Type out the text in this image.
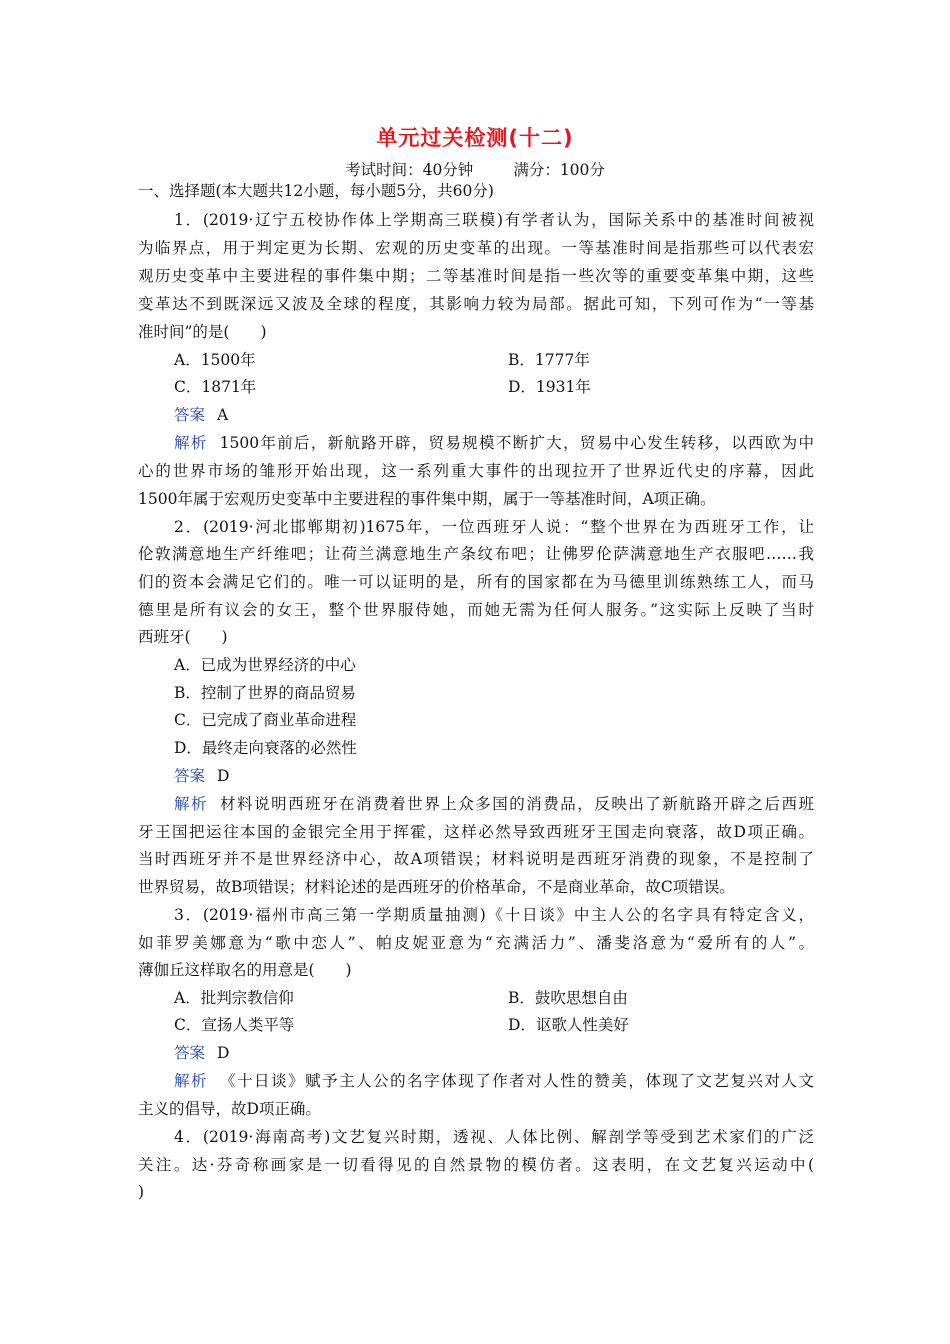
单元过关检测(十二)
考试时间：40分钟	满分：100分
一、选择题(本大题共12小题，每小题5分，共60分)
1．(2019·辽宁五校协作体上学期高三联模)有学者认为，国际关系中的基准时间被视
为临界点，用于判定更为长期、宏观的历史变革的出现。一等基准时间是指那些可以代表宏
观历史变革中主要进程的事件集中期；二等基准时间是指一些次等的重要变革集中期，这些
变革达不到既深远又波及全球的程度，其影响力较为局部。据此可知，下列可作为“一等基
准时间”的是(　　)
A．1500年	B．1777年
C．1871年	D．1931年
答案 A
解析 1500年前后，新航路开辟，贸易规模不断扩大，贸易中心发生转移，以西欧为中
心的世界市场的雏形开始出现，这一系列重大事件的出现拉开了世界近代史的序幕，因此
1500年属于宏观历史变革中主要进程的事件集中期，属于一等基准时间，A项正确。
2．(2019·河北邯郸期初)1675年，一位西班牙人说：“整个世界在为西班牙工作，让
伦敦满意地生产纤维吧；让荷兰满意地生产条纹布吧；让佛罗伦萨满意地生产衣服吧……我
们的资本会满足它们的。唯一可以证明的是，所有的国家都在为马德里训练熟练工人，而马
德里是所有议会的女王，整个世界服侍她，而她无需为任何人服务。”这实际上反映了当时
西班牙(　　)
A．已成为世界经济的中心
B．控制了世界的商品贸易
C．已完成了商业革命进程
D．最终走向衰落的必然性
答案 D
解析 材料说明西班牙在消费着世界上众多国的消费品，反映出了新航路开辟之后西班
牙王国把运往本国的金银完全用于挥霍，这样必然导致西班牙王国走向衰落，故D项正确。
当时西班牙并不是世界经济中心，故A项错误；材料说明是西班牙消费的现象，不是控制了
世界贸易，故B项错误；材料论述的是西班牙的价格革命，不是商业革命，故C项错误。
3．(2019·福州市高三第一学期质量抽测)《十日谈》中主人公的名字具有特定含义，
如菲罗美娜意为“歌中恋人”、帕皮妮亚意为“充满活力”、潘斐洛意为“爱所有的人”。
薄伽丘这样取名的用意是(　　)
A．批判宗教信仰	B．鼓吹思想自由
C．宣扬人类平等	D．讴歌人性美好
答案 D
解析 《十日谈》赋予主人公的名字体现了作者对人性的赞美，体现了文艺复兴对人文
主义的倡导，故D项正确。
4．(2019·海南高考)文艺复兴时期，透视、人体比例、解剖学等受到艺术家们的广泛
关注。达·芬奇称画家是一切看得见的自然景物的模仿者。这表明，在文艺复兴运动中(
)
